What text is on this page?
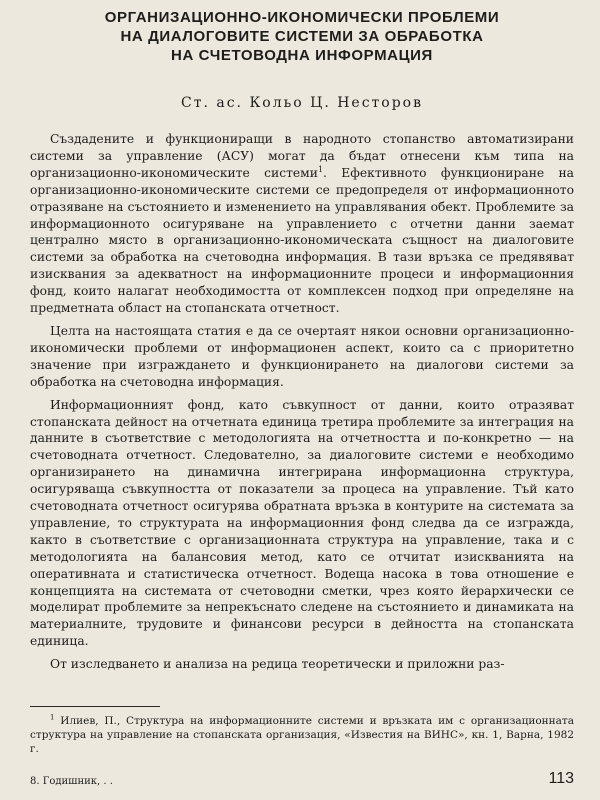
ОРГАНИЗАЦИОННО-ИКОНОМИЧЕСКИ ПРОБЛЕМИ
НА ДИАЛОГОВИТЕ СИСТЕМИ ЗА ОБРАБОТКА
НА СЧЕТОВОДНА ИНФОРМАЦИЯ
Ст. ас. Кольо Ц. Несторов

Създадените и функциониращи в народното стопанство автоматизирани системи за управление (АСУ) могат да бъдат отнесени към типа на организационно-икономическите системи$^1$. Ефективното функциониране на организационно-икономическите системи се предопределя от информационното отразяване на състоянието и изменението на управлявания обект. Проблемите за информационното осигуряване на управлението с отчетни данни заемат централно място в организационно-икономическата същност на диалоговите системи за обработка на счетоводна информация. В тази връзка се предявяват изисквания за адекватност на информационните процеси и информационния фонд, които налагат необходимостта от комплексен подход при определяне на предметната област на стопанската отчетност.

Целта на настоящата статия е да се очертаят някои основни организационно-икономически проблеми от информационен аспект, които са с приоритетно значение при изграждането и функционирането на диалогови системи за обработка на счетоводна информация.

Информационният фонд, като съвкупност от данни, които отразяват стопанската дейност на отчетната единица третира проблемите за интеграция на данните в съответствие с методологията на отчетността и по-конкретно — на счетоводната отчетност. Следователно, за диалоговите системи е необходимо организирането на динамична интегрирана информационна структура, осигуряваща съвкупността от показатели за процеса на управление. Тъй като счетоводната отчетност осигурява обратната връзка в контурите на системата за управление, то структурата на информационния фонд следва да се изгражда, както в съответствие с организационната структура на управление, така и с методологията на балансовия метод, като се отчитат изискванията на оперативната и статистическа отчетност. Водеща насока в това отношение е концепцията на системата от счетоводни сметки, чрез която йерархически се моделират проблемите за непрекъснато следене на състоянието и динамиката на материалните, трудовите и финансови ресурси в дейността на стопанската единица.

От изследването и анализа на редица теоретически и приложни раз-

$^1$ Илиев, П., Структура на информационните системи и връзката им с организационната структура на управление на стопанската организация, «Известия на ВИНС», кн. 1, Варна, 1982 г.

8. Годишник, . .	113
